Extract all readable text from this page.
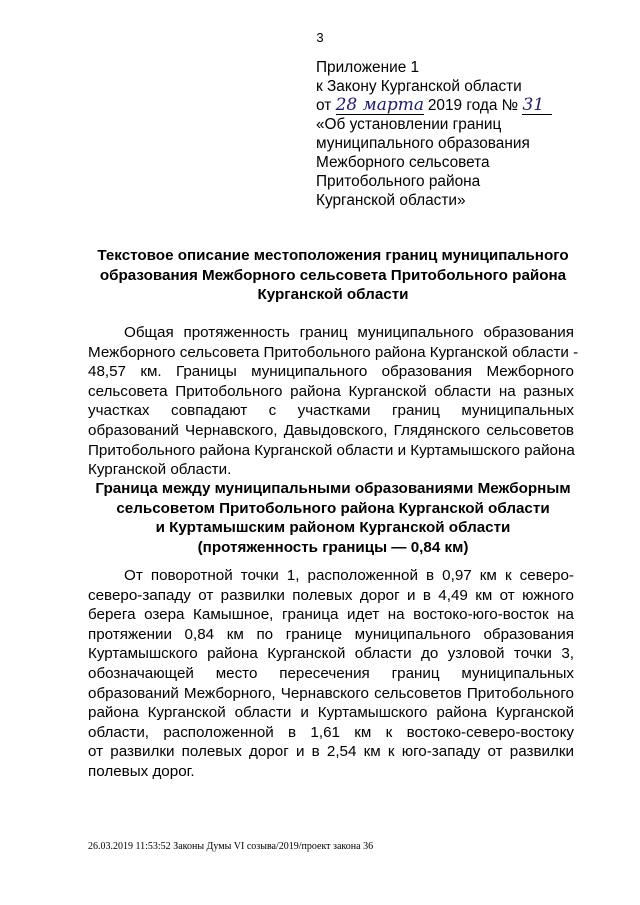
3
Приложение 1
к Закону Курганской области
от 28 марта 2019 года № 31
«Об установлении границ
муниципального образования
Межборного сельсовета
Притобольного района
Курганской области»
Текстовое описание местоположения границ муниципального
образования Межборного сельсовета Притобольного района
Курганской области
Общая протяженность границ муниципального образования
Межборного сельсовета Притобольного района Курганской области -
48,57 км. Границы муниципального образования Межборного
сельсовета Притобольного района Курганской области на разных
участках совпадают с участками границ муниципальных
образований Чернавского, Давыдовского, Глядянского сельсоветов
Притобольного района Курганской области и Куртамышского района
Курганской области.
Граница между муниципальными образованиями Межборным
сельсоветом Притобольного района Курганской области
и Куртамышским районом Курганской области
(протяженность границы — 0,84 км)
От поворотной точки 1, расположенной в 0,97 км к северо-
северо-западу от развилки полевых дорог и в 4,49 км от южного
берега озера Камышное, граница идет на востоко-юго-восток на
протяжении 0,84 км по границе муниципального образования
Куртамышского района Курганской области до узловой точки 3,
обозначающей место пересечения границ муниципальных
образований Межборного, Чернавского сельсоветов Притобольного
района Курганской области и Куртамышского района Курганской
области, расположенной в 1,61 км к востоко-северо-востоку
от развилки полевых дорог и в 2,54 км к юго-западу от развилки
полевых дорог.
26.03.2019 11:53:52 Законы Думы VI созыва/2019/проект закона 36
